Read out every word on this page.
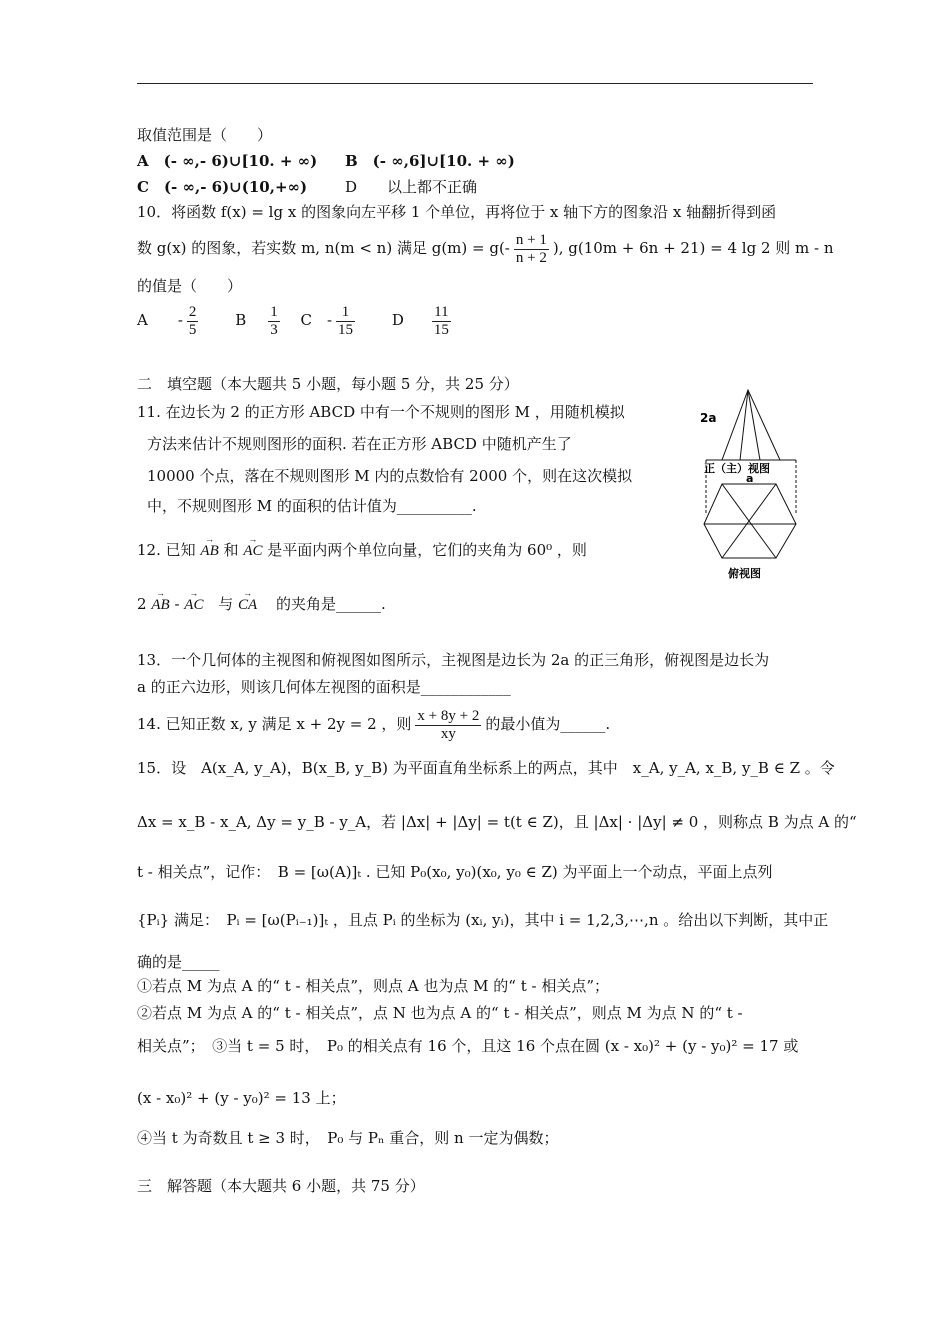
取值范围是（　　）
A　(- ∞,- 6)∪[10. + ∞) B　(- ∞,6]∪[10. + ∞)
C　(- ∞,- 6)∪(10,+∞)	D　　以上都不正确
10．将函数 f(x) = lg x 的图象向左平移 1 个单位，再将位于 x 轴下方的图象沿 x 轴翻折得到函
数 g(x) 的图象，若实数 m, n(m < n) 满足 $g(m) = g(- \frac{n + 1}{n + 2}$ ), g(10m + 6n + 21) = 4 lg 2 则 m - n
的值是（　　）
A　　- $\frac{2}{5}$ B $\frac{1}{3}$ C　- $\frac{1}{15}$ D $\frac{11}{15}$
二　填空题（本大题共 5 小题，每小题 5 分，共 25 分）
11. 在边长为 2 的正方形 ABCD 中有一个不规则的图形 M ，用随机模拟
方法来估计不规则图形的面积. 若在正方形 ABCD 中随机产生了
10000 个点，落在不规则图形 M 内的点数恰有 2000 个，则在这次模拟
中，不规则图形 M 的面积的估计值为__________.
12. 已知 → AB 和 → AC 是平面内两个单位向量，它们的夹角为 60⁰ ，则
2 → AB - → AC 与 → CA 的夹角是______.
2a
正（主）视图
a
俯视图
13．一个几何体的主视图和俯视图如图所示，主视图是边长为 2a 的正三角形，俯视图是边长为
a 的正六边形，则该几何体左视图的面积是____________
14. 已知正数 x, y 满足 x + 2y = 2 ，则 $\frac{x + 8y + 2}{xy}$ 的最小值为______.
15．设　A(x_A, y_A)，B(x_B, y_B) 为平面直角坐标系上的两点，其中　x_A, y_A, x_B, y_B ∈ Z 。令
Δx = x_B - x_A, Δy = y_B - y_A，若 |Δx| + |Δy| = t(t ∈ Z)，且 |Δx| · |Δy| ≠ 0 ，则称点 B 为点 A 的“
t - 相关点”，记作：　B = [ω(A)]ₜ . 已知 P₀(x₀, y₀)(x₀, y₀ ∈ Z) 为平面上一个动点，平面上点列
{Pᵢ} 满足：　Pᵢ = [ω(Pᵢ₋₁)]ₜ ，且点 Pᵢ 的坐标为 (xᵢ, yᵢ)，其中 i = 1,2,3,⋯,n 。给出以下判断，其中正
确的是_____
①若点 M 为点 A 的“ t - 相关点”，则点 A 也为点 M 的“ t - 相关点”；
②若点 M 为点 A 的“ t - 相关点”，点 N 也为点 A 的“ t - 相关点”，则点 M 为点 N 的“ t -
相关点”；　③当 t = 5 时，　P₀ 的相关点有 16 个，且这 16 个点在圆 (x - x₀)² + (y - y₀)² = 17 或
(x - x₀)² + (y - y₀)² = 13 上；
④当 t 为奇数且 t ≥ 3 时，　P₀ 与 Pₙ 重合，则 n 一定为偶数；
三　解答题（本大题共 6 小题，共 75 分）
